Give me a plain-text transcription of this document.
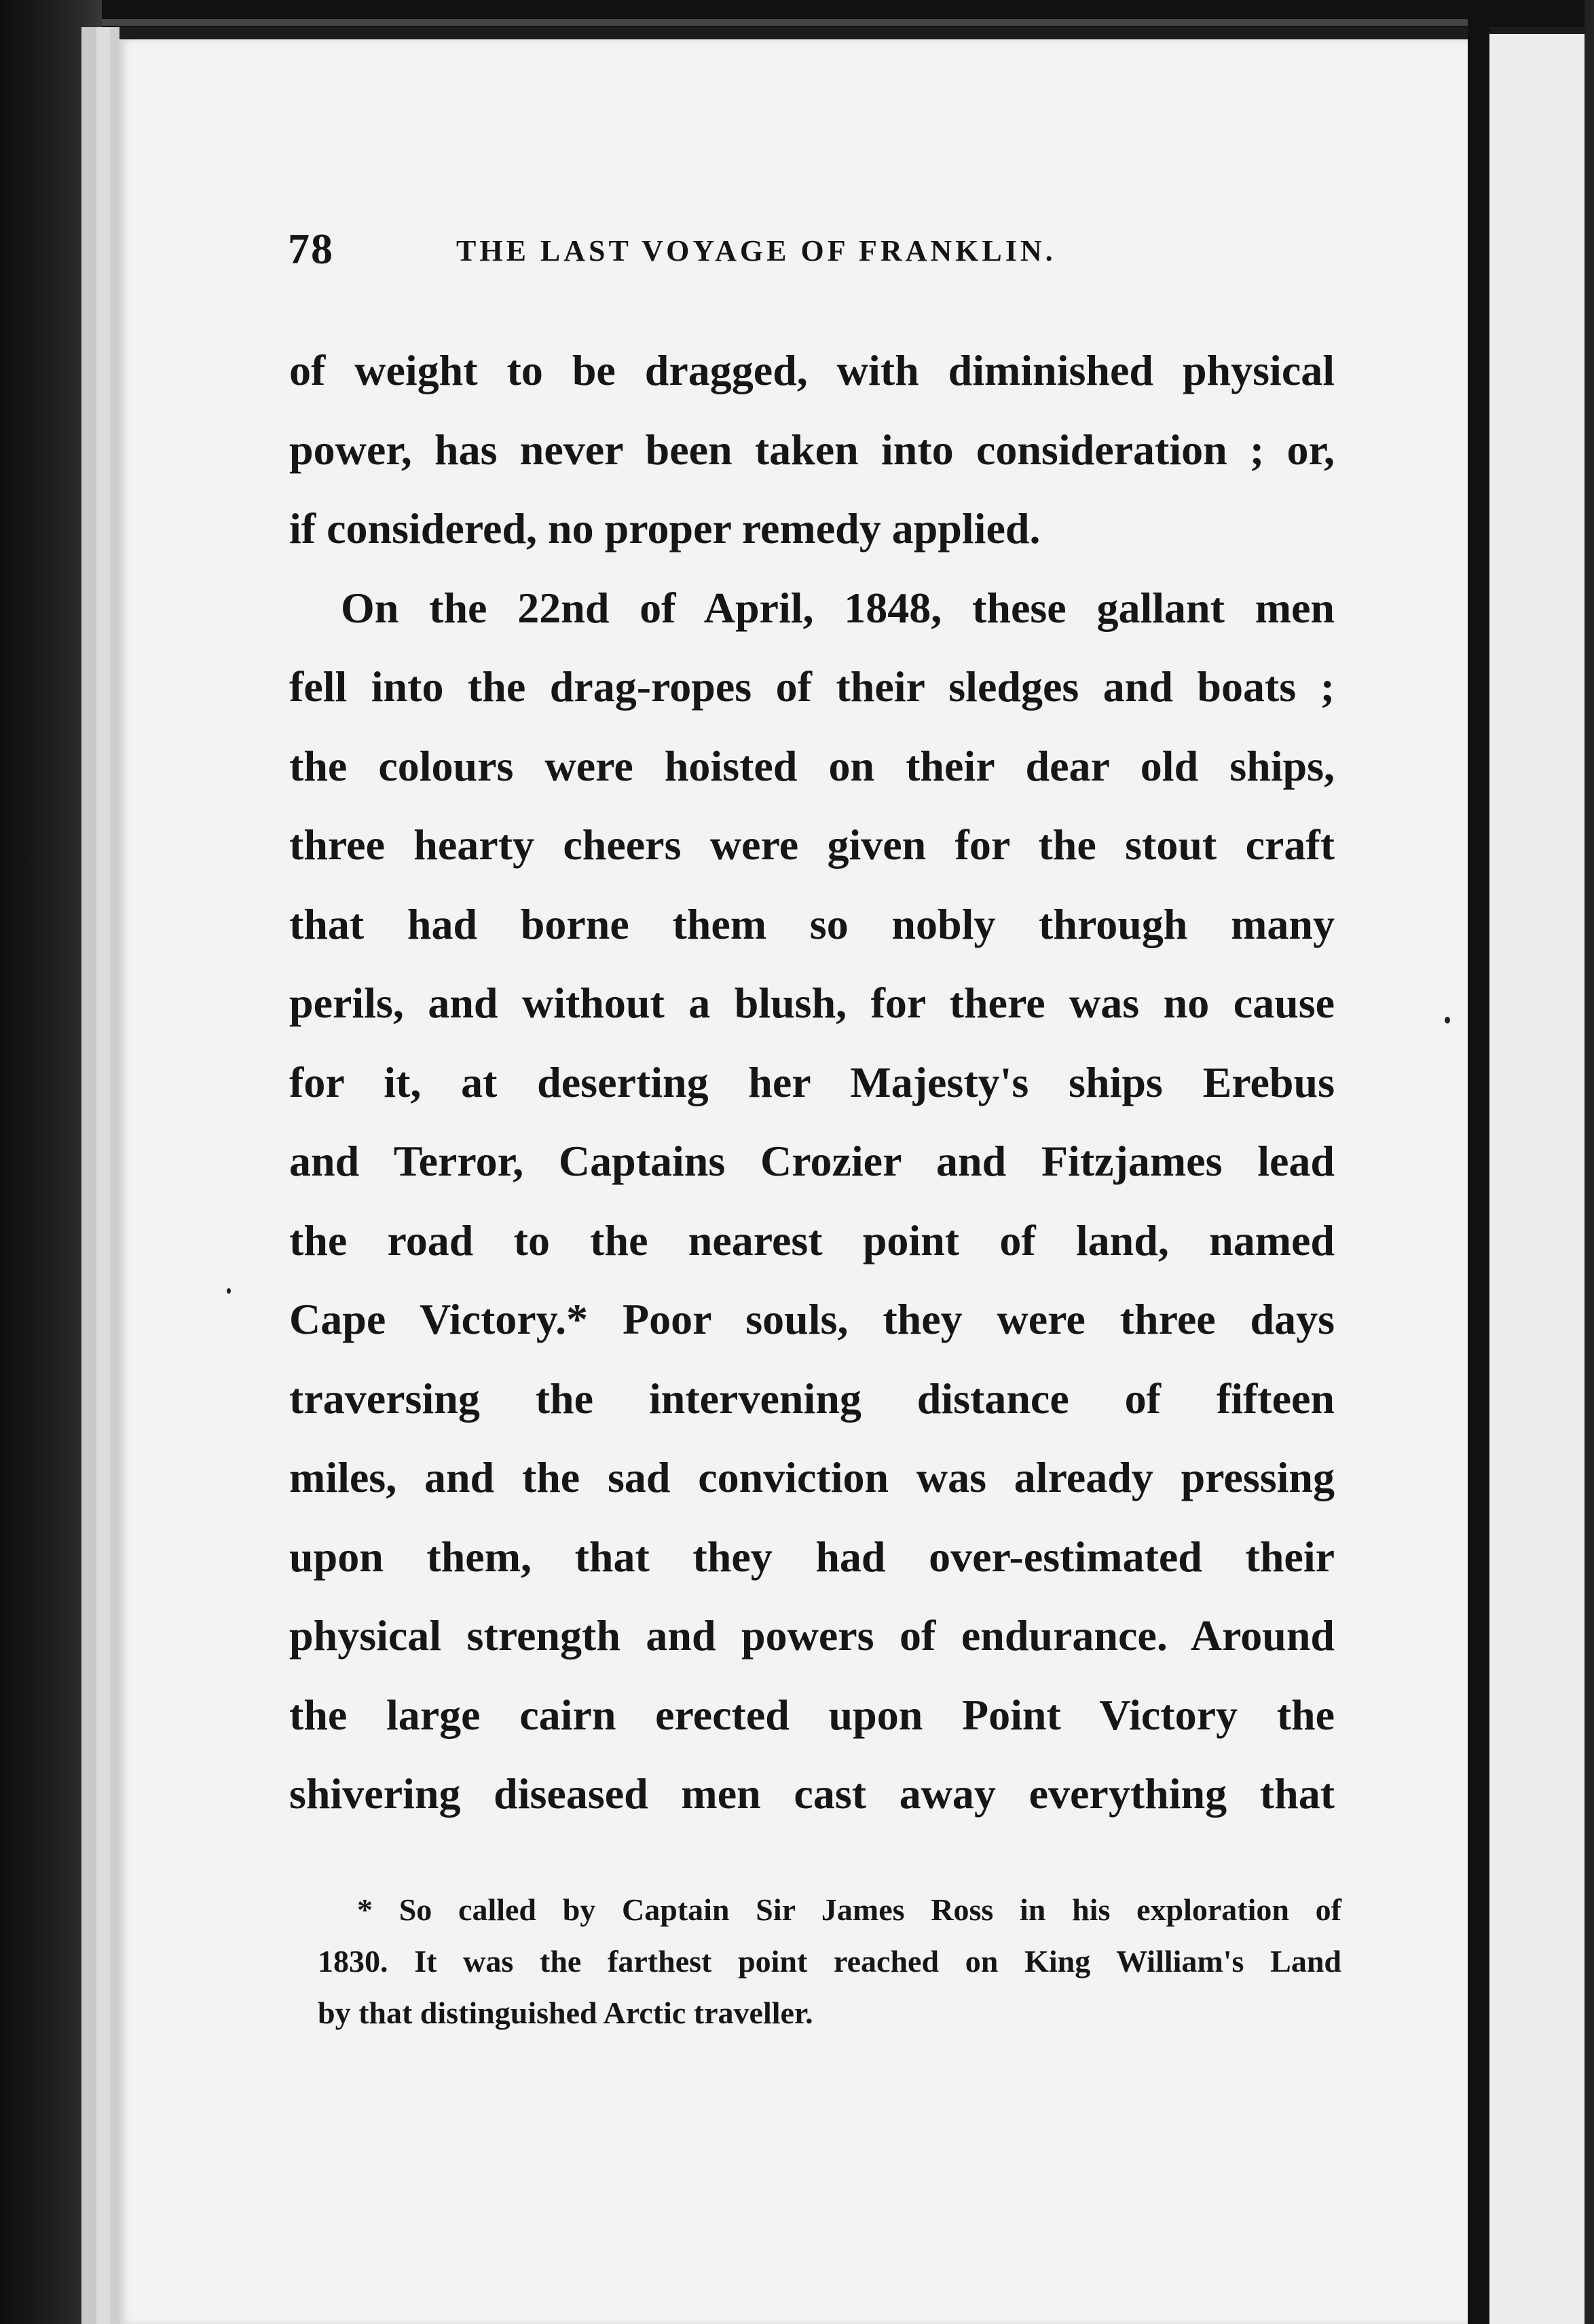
78	THE LAST VOYAGE OF FRANKLIN.
of weight to be dragged, with diminished physical
power, has never been taken into consideration ; or,
if considered, no proper remedy applied.
On the 22nd of April, 1848, these gallant men
fell into the drag-ropes of their sledges and boats ;
the colours were hoisted on their dear old ships,
three hearty cheers were given for the stout craft
that had borne them so nobly through many
perils, and without a blush, for there was no cause
for it, at deserting her Majesty's ships Erebus
and Terror, Captains Crozier and Fitzjames lead
the road to the nearest point of land, named
Cape Victory.* Poor souls, they were three days
traversing the intervening distance of fifteen
miles, and the sad conviction was already pressing
upon them, that they had over-estimated their
physical strength and powers of endurance. Around
the large cairn erected upon Point Victory the
shivering diseased men cast away everything that
* So called by Captain Sir James Ross in his exploration of
1830. It was the farthest point reached on King William's Land
by that distinguished Arctic traveller.
